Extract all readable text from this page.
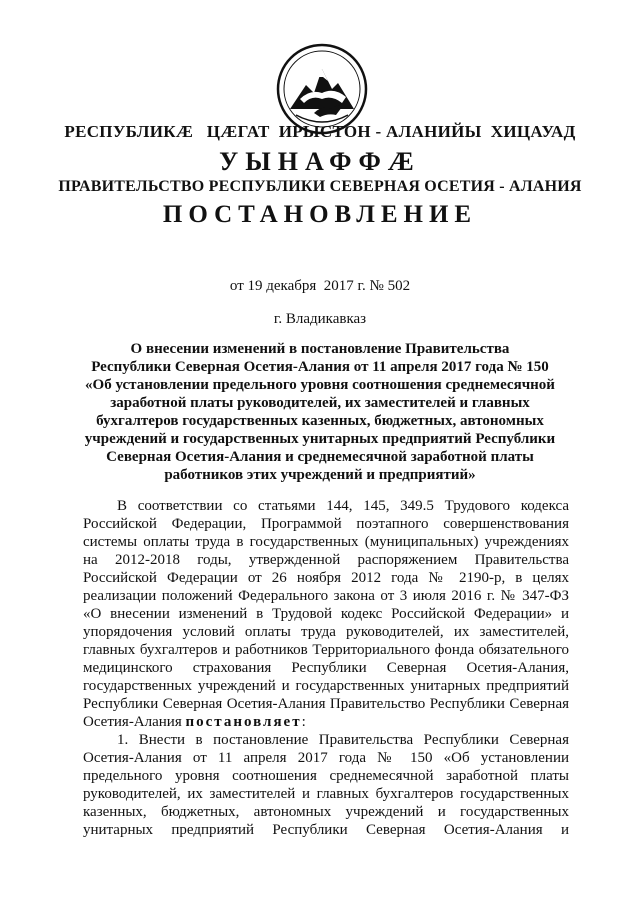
РЕСПУБЛИКÆ   ЦÆГАТ  ИРЫСТОН - АЛАНИЙЫ  ХИЦАУАД
УЫНАФФÆ
ПРАВИТЕЛЬСТВО РЕСПУБЛИКИ СЕВЕРНАЯ ОСЕТИЯ - АЛАНИЯ
ПОСТАНОВЛЕНИЕ
от 19 декабря  2017 г. № 502
г. Владикавказ
О внесении изменений в постановление Правительства
Республики Северная Осетия-Алания от 11 апреля 2017 года № 150
«Об установлении предельного уровня соотношения среднемесячной
заработной платы руководителей, их заместителей и главных
бухгалтеров государственных казенных, бюджетных, автономных
учреждений и государственных унитарных предприятий Республики
Северная Осетия-Алания и среднемесячной заработной платы
работников этих учреждений и предприятий»
В соответствии со статьями 144, 145, 349.5 Трудового кодекса
Российской Федерации, Программой поэтапного совершенствования
системы оплаты труда в государственных (муниципальных) учреждениях
на 2012-2018 годы, утвержденной распоряжением Правительства
Российской Федерации от 26 ноября 2012 года № 2190-р, в целях
реализации положений Федерального закона от 3 июля 2016 г. № 347-ФЗ
«О внесении изменений в Трудовой кодекс Российской Федерации» и
упорядочения условий оплаты труда руководителей, их заместителей,
главных бухгалтеров и работников Территориального фонда обязательного
медицинского страхования Республики Северная Осетия-Алания,
государственных учреждений и государственных унитарных предприятий
Республики Северная Осетия-Алания Правительство Республики Северная
Осетия-Алания постановляет:
1. Внести в постановление Правительства Республики Северная
Осетия-Алания от 11 апреля 2017 года № 150 «Об установлении
предельного уровня соотношения среднемесячной заработной платы
руководителей, их заместителей и главных бухгалтеров государственных
казенных, бюджетных, автономных учреждений и государственных
унитарных предприятий Республики Северная Осетия-Алания и
